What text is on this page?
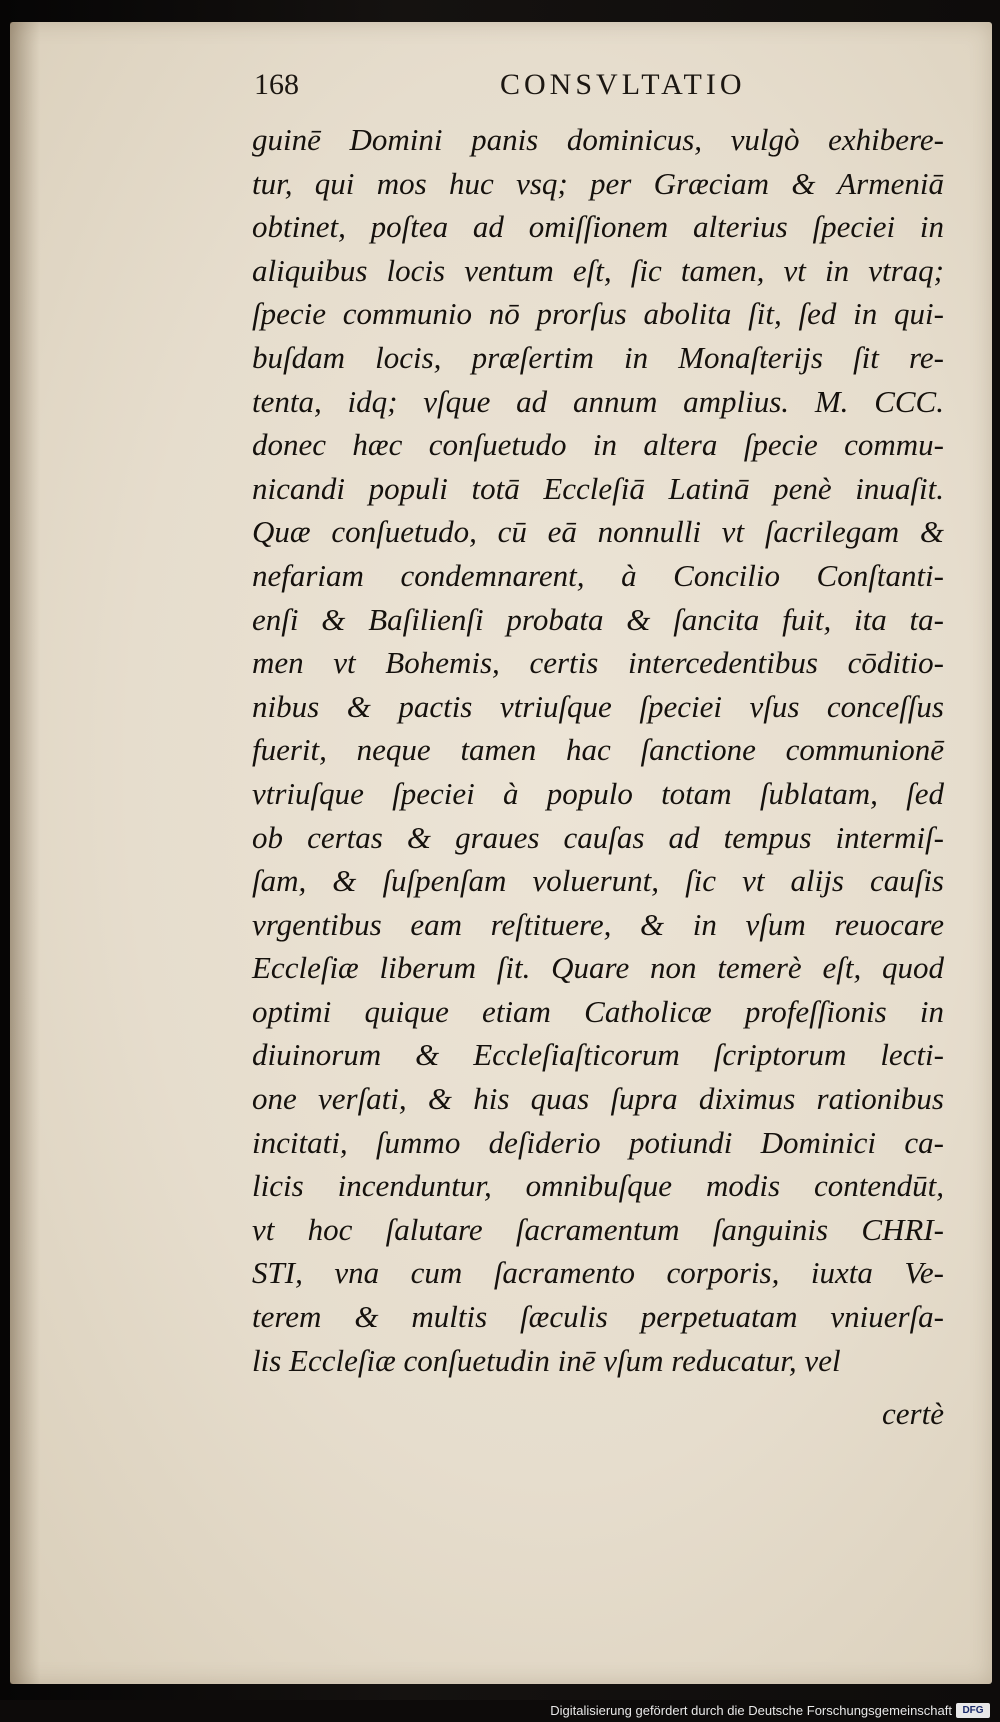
168	CONSVLTATIO
guinē Domini panis dominicus, vulgò exhibere-
tur, qui mos huc vsq; per Græciam & Armeniā
obtinet, poſtea ad omiſſionem alterius ſpeciei in
aliquibus locis ventum eſt, ſic tamen, vt in vtraq;
ſpecie communio nō prorſus abolita ſit, ſed in qui-
buſdam locis, præſertim in Monaſterijs ſit re-
tenta, idq; vſque ad annum amplius. M. CCC.
donec hæc conſuetudo in altera ſpecie commu-
nicandi populi totā Eccleſiā Latinā penè inuaſit.
Quæ conſuetudo, cū eā nonnulli vt ſacrilegam &
nefariam condemnarent, à Concilio Conſtanti-
enſi & Baſilienſi probata & ſancita fuit, ita ta-
men vt Bohemis, certis intercedentibus cōditio-
nibus & pactis vtriuſque ſpeciei vſus conceſſus
fuerit, neque tamen hac ſanctione communionē
vtriuſque ſpeciei à populo totam ſublatam, ſed
ob certas & graues cauſas ad tempus intermiſ-
ſam, & ſuſpenſam voluerunt, ſic vt alijs cauſis
vrgentibus eam reſtituere, & in vſum reuocare
Eccleſiæ liberum ſit. Quare non temerè eſt, quod
optimi quique etiam Catholicæ profeſſionis in
diuinorum & Eccleſiaſticorum ſcriptorum lecti-
one verſati, & his quas ſupra diximus rationibus
incitati, ſummo deſiderio potiundi Dominici ca-
licis incenduntur, omnibuſque modis contendūt,
vt hoc ſalutare ſacramentum ſanguinis CHRI-
STI, vna cum ſacramento corporis, iuxta Ve-
terem & multis ſæculis perpetuatam vniuerſa-
lis Eccleſiæ conſuetudin inē vſum reducatur, vel
certè
Digitalisierung gefördert durch die Deutsche Forschungsgemeinschaft	DFG
